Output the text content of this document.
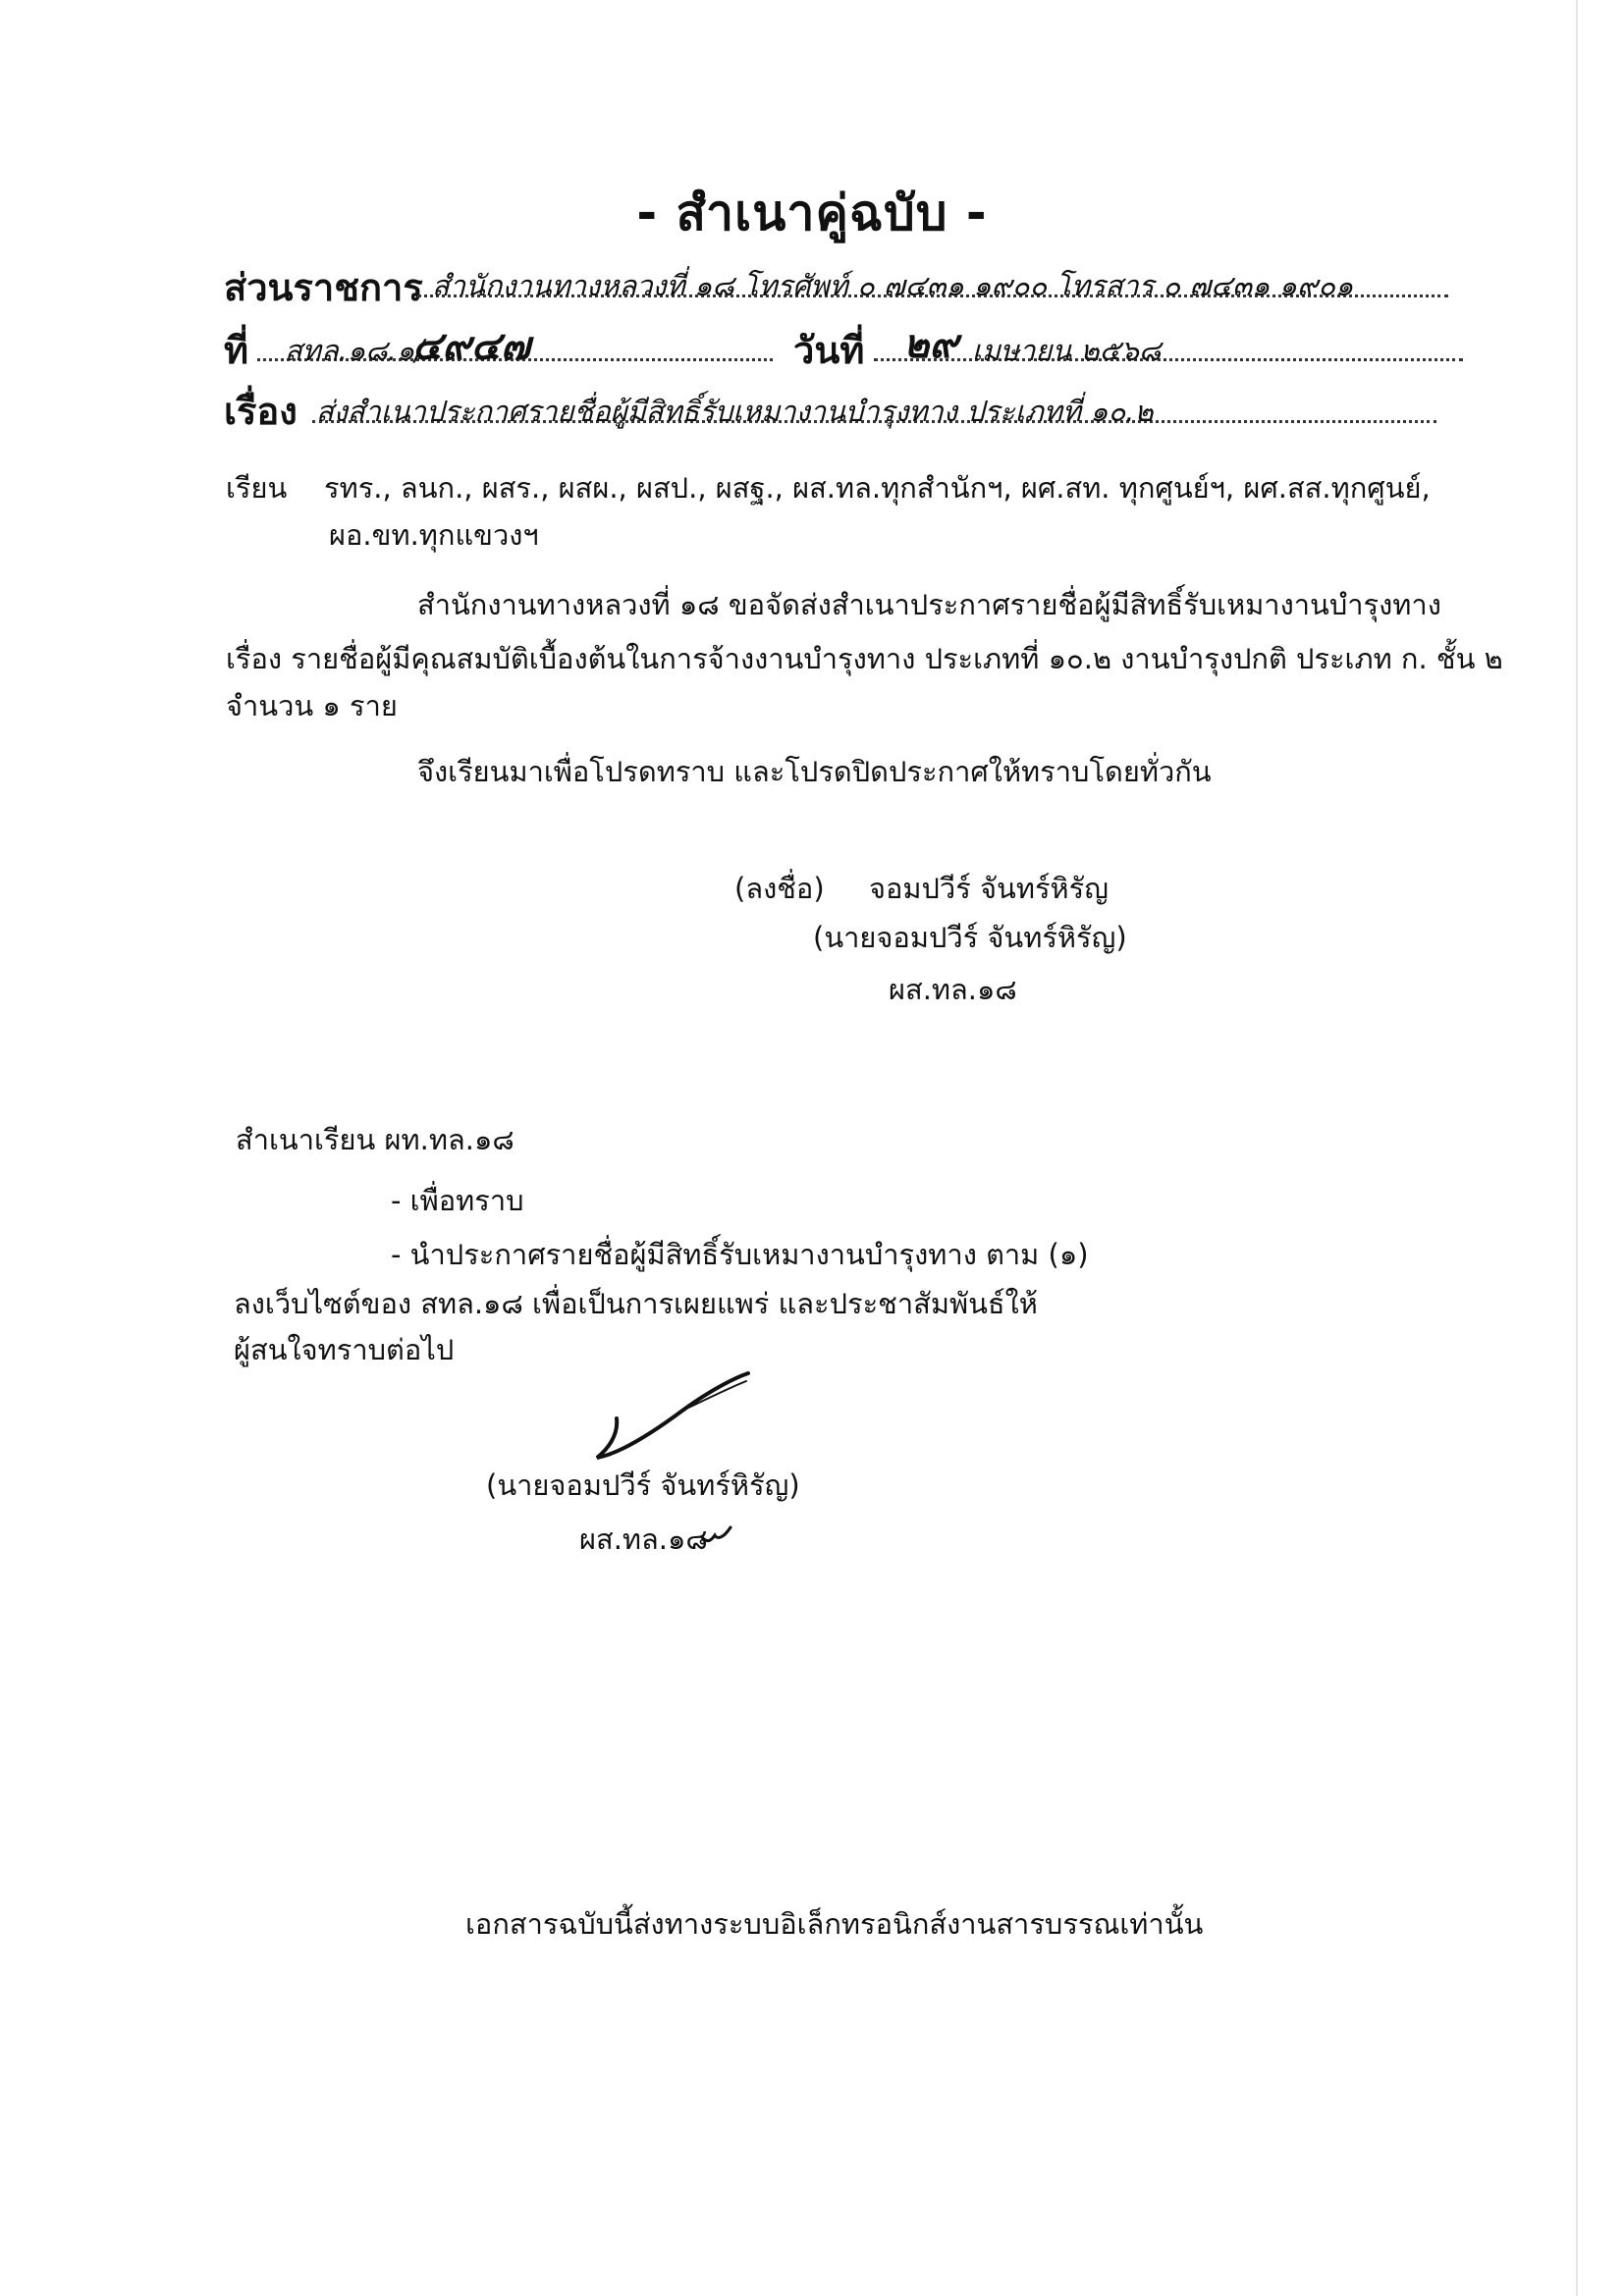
- สำเนาคู่ฉบับ -
ส่วนราชการ สำนักงานทางหลวงที่ ๑๘ โทรศัพท์ ๐ ๗๔๓๑ ๑๙๐๐ โทรสาร ๐ ๗๔๓๑ ๑๙๐๑
ที่ สทล.๑๘.๑/
๔๙๔๗	วันที่ ๒๙ เมษายน ๒๕๖๘
เรื่อง ส่งสำเนาประกาศรายชื่อผู้มีสิทธิ์รับเหมางานบำรุงทาง ประเภทที่ ๑๐.๒
เรียน รทร., ลนก., ผสร., ผสผ., ผสป., ผสฐ., ผส.ทล.ทุกสำนักฯ, ผศ.สท. ทุกศูนย์ฯ, ผศ.สส.ทุกศูนย์,
ผอ.ขท.ทุกแขวงฯ
สำนักงานทางหลวงที่ ๑๘ ขอจัดส่งสำเนาประกาศรายชื่อผู้มีสิทธิ์รับเหมางานบำรุงทาง
เรื่อง รายชื่อผู้มีคุณสมบัติเบื้องต้นในการจ้างงานบำรุงทาง ประเภทที่ ๑๐.๒ งานบำรุงปกติ ประเภท ก. ชั้น ๒
จำนวน ๑ ราย
จึงเรียนมาเพื่อโปรดทราบ และโปรดปิดประกาศให้ทราบโดยทั่วกัน
(ลงชื่อ) จอมปวีร์ จันทร์หิรัญ
(นายจอมปวีร์ จันทร์หิรัญ)
ผส.ทล.๑๘
สำเนาเรียน ผท.ทล.๑๘
- เพื่อทราบ
- นำประกาศรายชื่อผู้มีสิทธิ์รับเหมางานบำรุงทาง ตาม (๑)
ลงเว็บไซต์ของ สทล.๑๘ เพื่อเป็นการเผยแพร่ และประชาสัมพันธ์ให้
ผู้สนใจทราบต่อไป
(นายจอมปวีร์ จันทร์หิรัญ)
ผส.ทล.๑๘
เอกสารฉบับนี้ส่งทางระบบอิเล็กทรอนิกส์งานสารบรรณเท่านั้น
